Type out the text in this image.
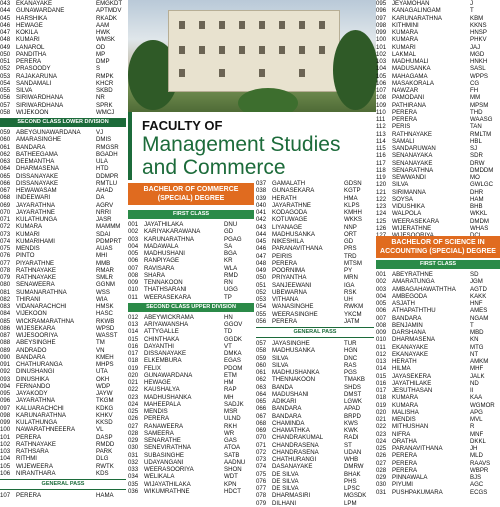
043 EKANAYAKE	EMGKDT
044 GUNAWARDANE	APTMDV
045 HARSHIKA	RKADK
046 HEWAGE	AAM
047 KOKILA	HWK
048 KUMARI	WMSK
049 LANAROL	OD
050 PANDITHA	MP
051 PERERA	DMP
052 PRASOODY	S
053 RAJAKARUNA	RMPK
054 SANDAMALI	KHCR
055 SILVA	SKBD
056 SIRIWARDHANA	NR
057 SIRIWARDHANA	SPRK
058 WIJEKOON	WMCJ
SECOND CLASS LOWER DIVISION
059 ABEYGUNAWARDANA	VJ
060 AMARASINGHE	DMIS
061 BANDARA	RMGSR
062 BATHEEGAMA	BGADH
063 DEEMANTHA	ULA
064 DHARMASENA	HTD
065 DISSANAYAKE	DDMPR
066 DISSANAYAKE	RMTLU
067 HEWAWASAM	AHAD
068 INDEEWARI	DA
069 JAYARATHNA	AGRV
070 JAYARATHNE	NRRI
071 KULATHUNGA	JASR
072 KUMARA	MAMMM
073 KUMARI	SDAI
074 KUMARIHAMI	PDMPRT
075 MENDIS	AUAS
076 PINTO	MHI
077 PIYARATHNE	MMB
078 RATHNAYAKE	RMAR
079 RATHNAYAKE	SMLR
080 SENAWEERA	GGNM
081 SUMANARATHNA	WSS
082 THIRANI	WIA
083 VIDANARACHCHI	HMSK
084 VIJEKOON	HASC
085 WICKRAMARATHNA	RKWB
086 WIJESEKARA	WPSD
087 WIJESOORIYA	WASST
088 ABEYSINGHE	TM
089 ANDRADO	VN
090 BANDARA	KMEH
091 CHATHURANGA	MHPS
092 DINUSHANGI	UTA
093 DINUSHIKA	OKH
094 FERNANDO	WDP
095 JAYAKODY	JAYW
096 JAYARATHNA	TKGM
097 KALUARACHCHI	KDKG
098 KARUNARATHNA	KHKV
099 KULATHUNGA	KKSD
100 NAWARATHNEEERA	VL
101 PERERA	DASP
102 RATHNAYAKE	RMDD
103 RATHSARA	PARK
104 RITHMI	DLG
105 WIJEWEERA	RWTK
106 NIRANTHARA	KDS
GENERAL PASS
107 PERERA	HAMA
FACULTY OF
Management Studies
and Commerce
BACHELOR OF COMMERCE (SPECIAL) DEGREE
FIRST CLASS
001 JAYATHILAKA	DNU
002 KARIYAKARAWANA	GD
003 KARUNARATHNA	PGAG
004 MADAWALA	SA
005 MADHUSHANI	BGA
006 RANPIYAGE	KR
007 RAVISARA	WLA
008 SHARA	RMD
009 TENNAKOON	RN
010 THATHSARANI	UGG
011	WEERASEKARA	TP
SECOND CLASS UPPER DIVISION
012 ABEYWICKRAMA	HN
013 ARIYAWANSHA	GGOV
014 ATTYGALLE	TD
015 CHINTHAKA	GGDK
016 DAYANTHI	VT
017 DISSANAYAKE	DMKA
018 ELKEMBURA	EGAS
019 FELIX	PDOM
020 GUNAWARDANA	ETM
021 HEWAGE	HM
022 KAUSHALYA	RAP
023 MADHUSHANKA	MH
024 MAHEEPALA	SADJK
025 MENDIS	MSR
026 PERERA	ULND
027 RANAWEERA	RKH
028 SAMEERA	WR
029 SENARATHE	GAS
030 SENEVIRATHNA	ATOA
031 SUBASINGHE	SATB
032 UDAYANGANI	AADNU
033 WEERASOORIYA	SHON
034 WELIKALA	WDT
035 WIJAYATHILAKA	KPN
036 WIKUMRATHNE	HDCT
037 GAMALATH	GDSN
038 GUNASEKARA	KGTP
039 HERATH	HMA
040 JAYARATHNE	KLPS
041 KODAGODA	KMHH
042 KOTUWAGE	WKKS
043 LIYANAGE	NNP
044 MADHUSANKA	ORT
045 NIKESHILA	GD
046 PARANAVITHANA	PRS
047 PEIRIS	TRD
048 PERERA	MTSM
049 POORNIMA	PY
050 PRIYANTHA	MRN
051 SANJEEWANI	IGA
052 UBEWARNA	RSK
053 VITHANA	UH
054 WANASINGHE	RWKM
055 WEERASINGHE	YKCM
056 PERERA	JATM
GENERAL PASS
057 JAYASINGHE	TUR
058 MADHUSANKA	HGN
059 SILVA	DNC
060 SILVA	RAS
061 MADHUSHANKA	PGS
062 THENNAKOON	TMAKB
063 BANDA	SHDS
064 MADUSHANI	DMST
065 ADIKARI	LGWK
066 BANDARA	APAD
067 BANDARA	BRPD
068 CHAMINDA	KWS
069 CHAMATHKA	KWK
070 CHANDRAKUMAL	RADI
071 CHANDRASENA	ST
072 CHANDRASENA	UDAN
073 CHATHURANGI	WHB
074 DASANAYAKE	DMRW
075 DE SILVA	BHAK
076 DE SILVA	PHS
077 DE SILVA	LPSC
078 DHARMASIRI	MGSDK
079 DILHANI	LPM
095 JEYAMOHAN	J
096 KANAGALINGAM	T
097 KARUNARATHNA	KBM
098 KITHMINI	KKNS
099 KUMARA	HNSP
100 KUMARA	PHKV
101 KUMARI	JAJ
102 LAKMAL	MGD
103 MADHUMALI	HNKH
104 MADUSANKA	SASL
105 MAHAGAMA	WPPS
106 MASAKORALA	CG
107 NAWZAR	FH
108 PAMODANI	MM
109 PATHIRANA	MPSM
110	PERERA	THD
111	PERERA	WAASG
112	PERIS	TAN
113	RATHNAYAKE	RMLTM
114	SAMALI	HBL
115	SANDARUWAN	SJ
116	SENANAYAKA	SDR
117	SENANAYAKE	DRW
118	SENARATHNA	DMDDM
119	SEWWANDI	MO
120 SILVA	GWLGC
121 SIRIMANNA	DHR
122 SOYSA	HAM
123 VIDUSHIKA	BHB
124 WALPOLA	WKKL
125 WEERASEKARA	DMDM
126 WIJERATHNE	WHAS
BACHELOR OF SCIENCE IN ACCOUNTING (SPECIAL) DEGREE
FIRST CLASS
001 ABEYRATHNE	SD
002 AMARATUNGA	JGM
003 AMBAGAHAWATHTHA	AGTD
004 AMBEGODA	KAKK
005 ASJATH	HNF
006 ATHAPATHTHU	AMES
007 BANDARA	NGAM
008 BENJAMIN	T
009 DARSHANA	MBD
010 DHARMASENA	KN
011	EKANAYAKE	MTG
012 EKANAYAKE	NT
013 HERATH	AMKM
014 HILMA	MHF
015 JAYASEKERA	JALK
016 JAYATHILAKE	ND
017 JESUTHASAN	II
018 KUMARA	KAA
019 KUMARA	WGMOR
020 MALISHA	APG
021 MENDIS	MVL
022 MITHUSHAN	R
023 NIFRA	MNF
024 ORATHA	DKKL
025 PARANAVITHANA	JH
026 PERERA	MLD
027 PERERA	RAAVS
028 PERERA	WBPR
029 PINNAWALA	BJS
030 PIYUMI	AGC
031 PUSHPAKUMARA	ECGS
